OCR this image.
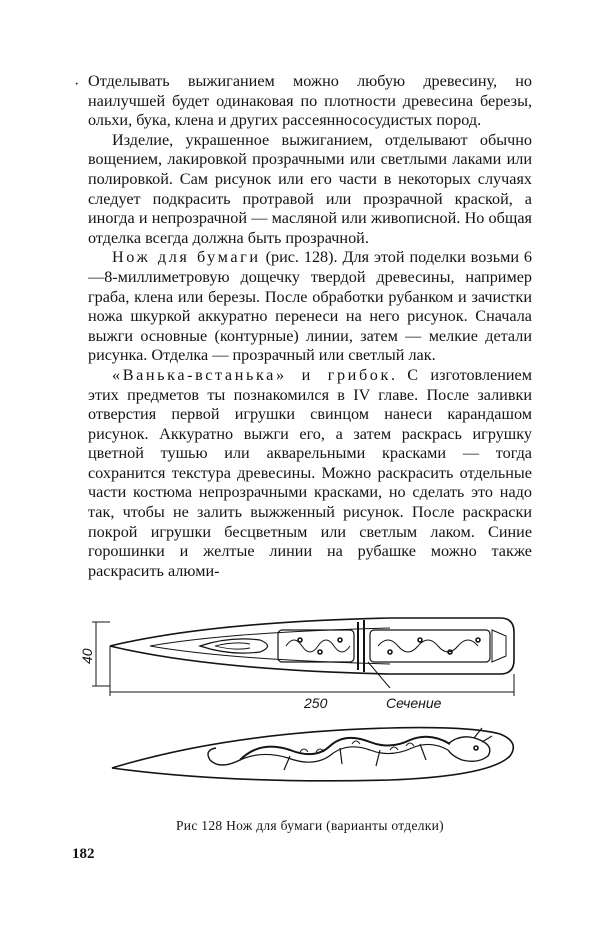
· Отделывать выжиганием можно любую древесину, но наилучшей будет одинаковая по плотности древесина березы, ольхи, бука, клена и других рассеяннососудистых пород.

Изделие, украшенное выжиганием, отделывают обычно вощением, лакировкой прозрачными или светлыми лаками или полировкой. Сам рисунок или его части в некоторых случаях следует подкрасить протравой или прозрачной краской, а иногда и непрозрачной — масляной или живописной. Но общая отделка всегда должна быть прозрачной.

Нож для бумаги (рис. 128). Для этой поделки возьми 6—8-миллиметровую дощечку твердой древесины, например граба, клена или березы. После обработки рубанком и зачистки ножа шкуркой аккуратно перенеси на него рисунок. Сначала выжги основные (контурные) линии, затем — мелкие детали рисунка. Отделка — прозрачный или светлый лак.

«Ванька-встанька» и грибок. С изготовлением этих предметов ты познакомился в IV главе. После заливки отверстия первой игрушки свинцом нанеси карандашом рисунок. Аккуратно выжги его, а затем раскрась игрушку цветной тушью или акварельными красками — тогда сохранится текстура древесины. Можно раскрасить отдельные части костюма непрозрачными красками, но сделать это надо так, чтобы не залить выжженный рисунок. После раскраски покрой игрушки бесцветным или светлым лаком. Синие горошинки и желтые линии на рубашке можно также раскрасить алюми-

40
250	Сечение
Рис 128 Нож для бумаги (варианты отделки)
182
